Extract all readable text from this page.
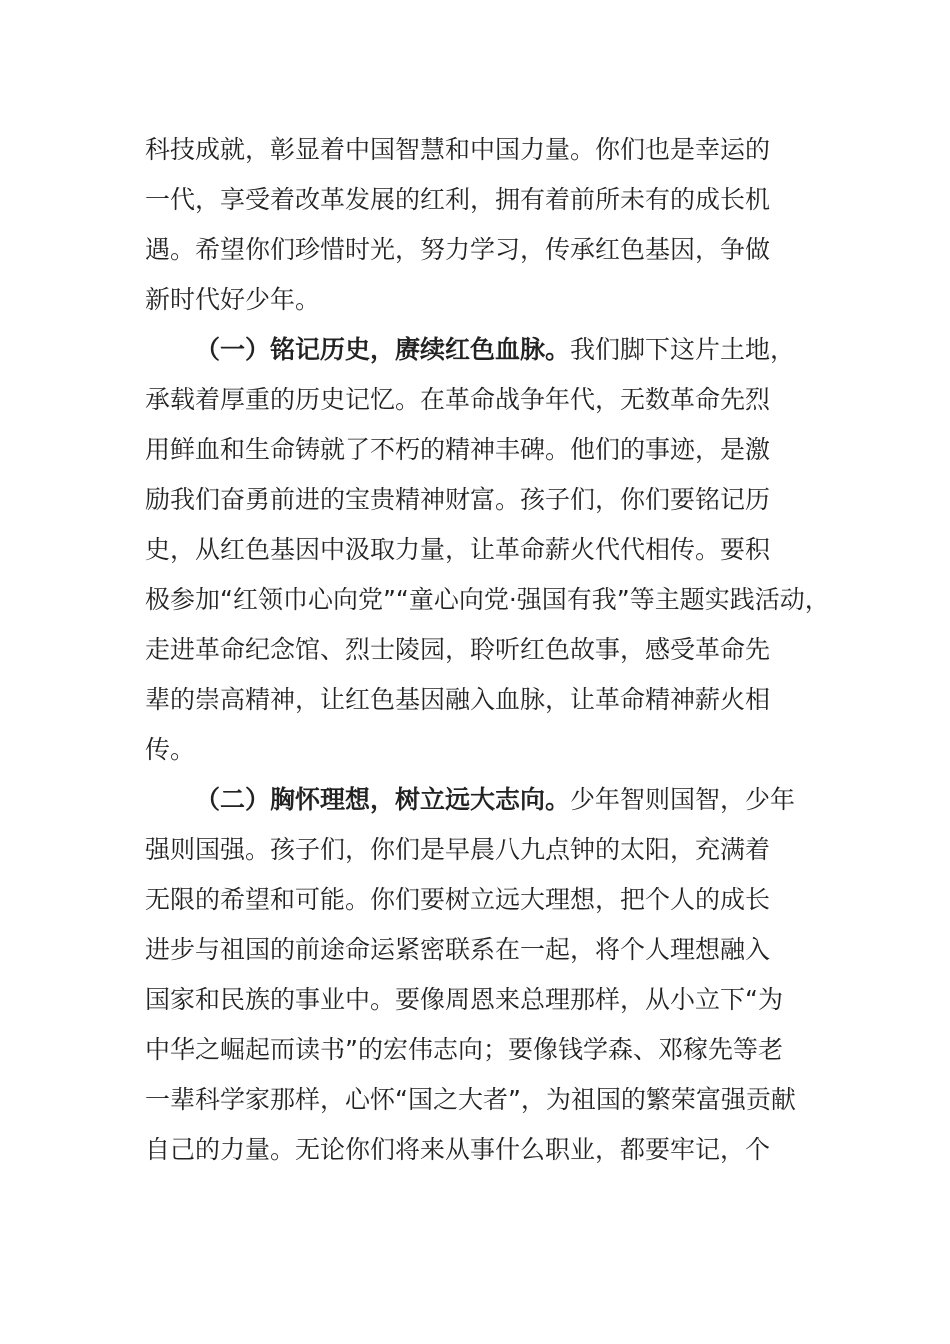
科技成就，彰显着中国智慧和中国力量。你们也是幸运的

一代，享受着改革发展的红利，拥有着前所未有的成长机

遇。希望你们珍惜时光，努力学习，传承红色基因，争做

新时代好少年。

（一）铭记历史，赓续红色血脉。我们脚下这片土地，

承载着厚重的历史记忆。在革命战争年代，无数革命先烈

用鲜血和生命铸就了不朽的精神丰碑。他们的事迹，是激

励我们奋勇前进的宝贵精神财富。孩子们，你们要铭记历

史，从红色基因中汲取力量，让革命薪火代代相传。要积

极参加“红领巾心向党”“童心向党·强国有我”等主题实践活动，

走进革命纪念馆、烈士陵园，聆听红色故事，感受革命先

辈的崇高精神，让红色基因融入血脉，让革命精神薪火相

传。

（二）胸怀理想，树立远大志向。少年智则国智，少年

强则国强。孩子们，你们是早晨八九点钟的太阳，充满着

无限的希望和可能。你们要树立远大理想，把个人的成长

进步与祖国的前途命运紧密联系在一起，将个人理想融入

国家和民族的事业中。要像周恩来总理那样，从小立下“为

中华之崛起而读书”的宏伟志向；要像钱学森、邓稼先等老

一辈科学家那样，心怀“国之大者”，为祖国的繁荣富强贡献

自己的力量。无论你们将来从事什么职业，都要牢记，个
